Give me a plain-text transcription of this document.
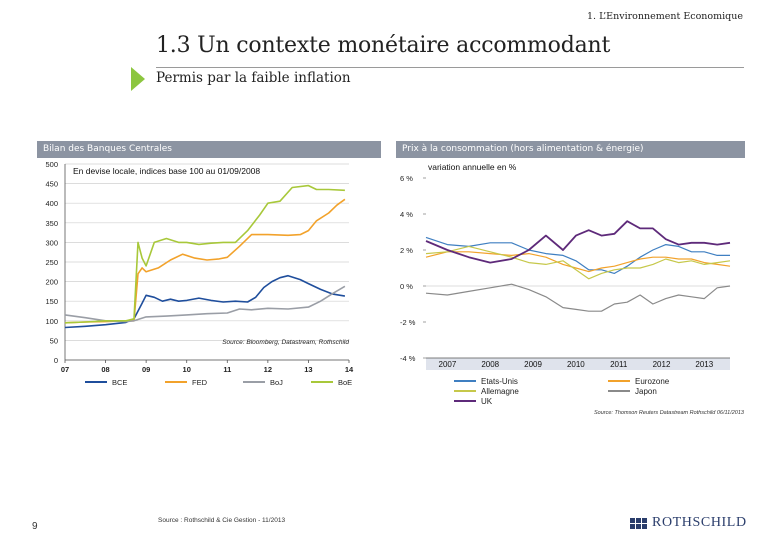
1. L’Environnement Economique
1.3 Un contexte monétaire accommodant
Permis par la faible inflation
Bilan des Banques Centrales	Prix à la consommation (hors alimentation & énergie)
0
50
100
150
200
250
300
350
400
450
500
07	08	09	10	11	12	13	14
En devise locale, indices base 100 au 01/09/2008
Source: Bloomberg, Datastream, Rothschild
BCE	FED	BoJ	BoE
variation annuelle en %
-4 %
-2 %
0 %
2 %
4 %
6 %
2007	2008	2009	2010	2011	2012	2013
Etats-Unis	Eurozone
Allemagne	Japon
UK
Source: Thomson Reuters Datastream Rothschild 06/11/2013
9
Source : Rothschild & Cie Gestion - 11/2013	ROTHSCHILD
